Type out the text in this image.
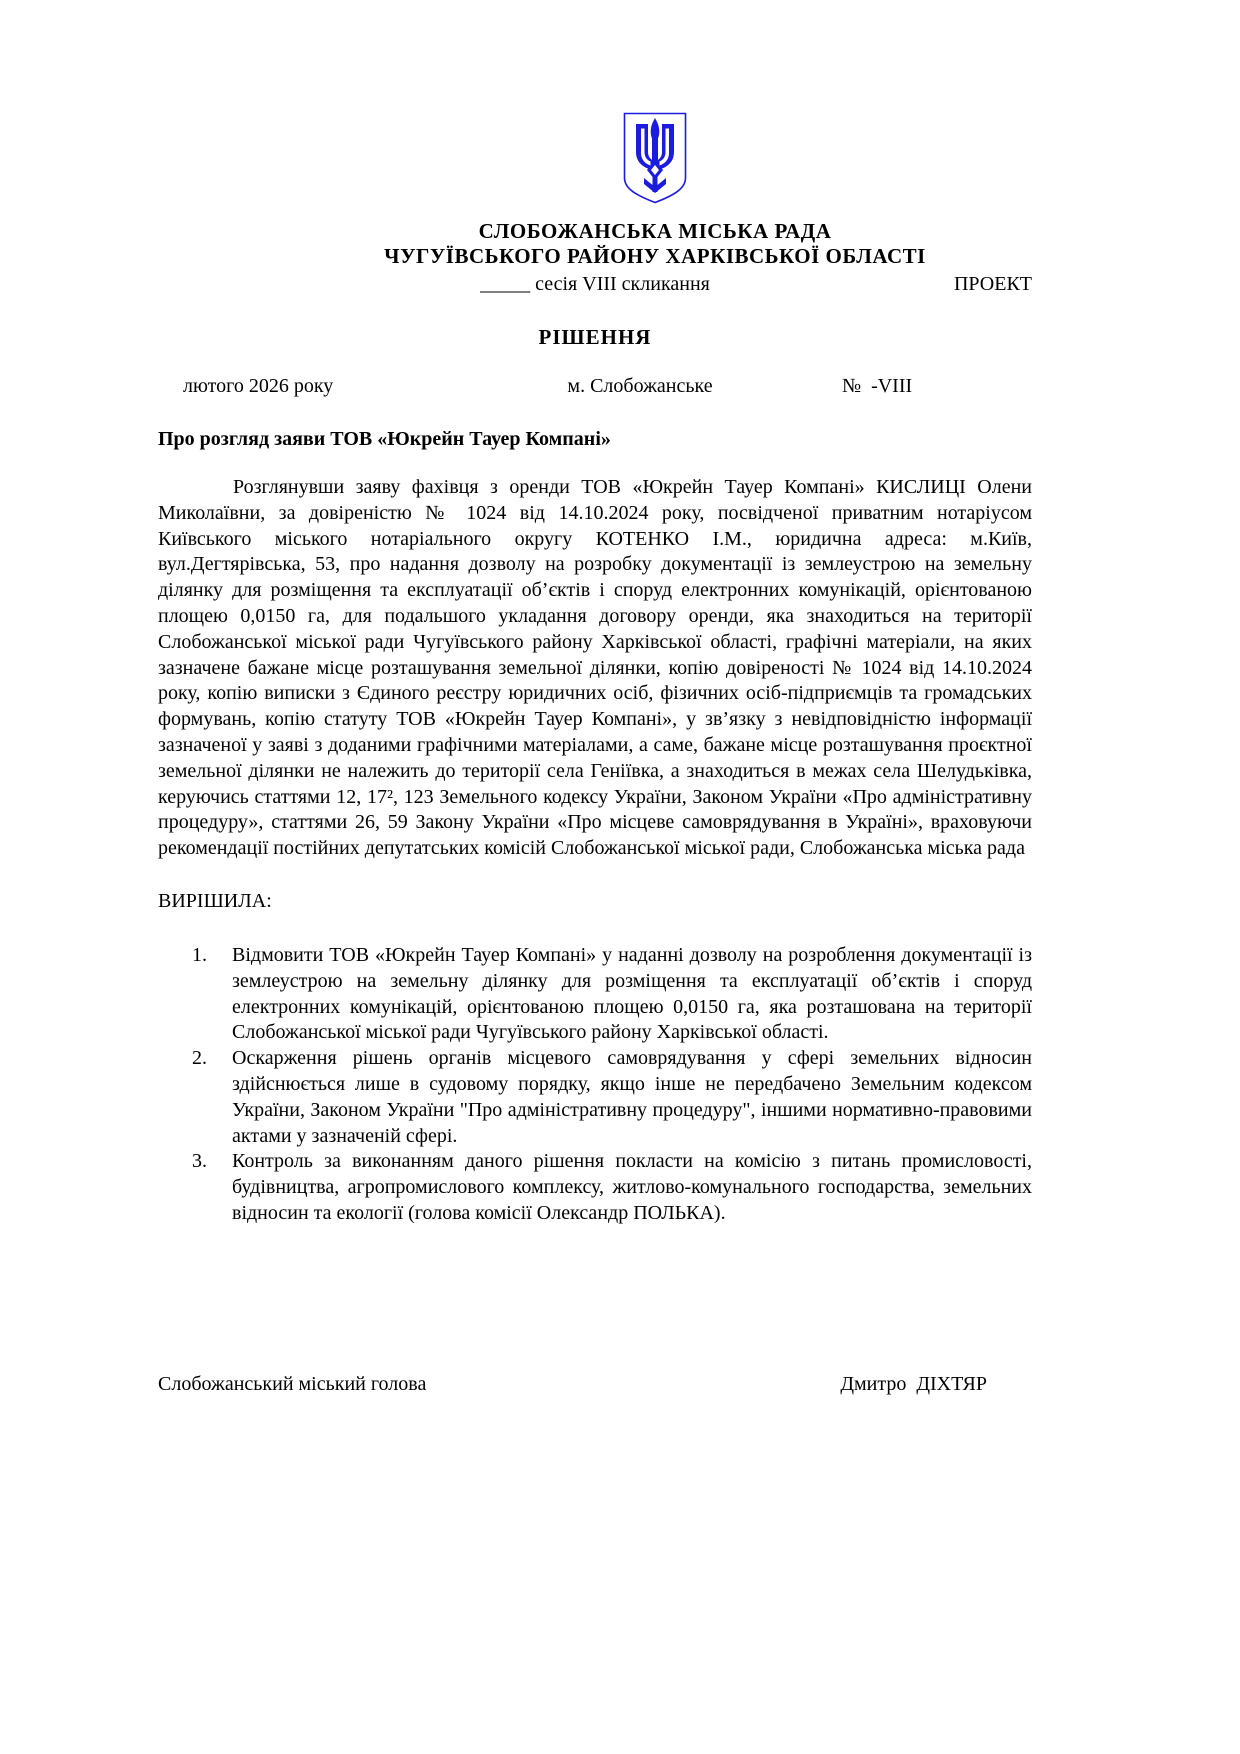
СЛОБОЖАНСЬКА МІСЬКА РАДА
ЧУГУЇВСЬКОГО РАЙОНУ ХАРКІВСЬКОЇ ОБЛАСТІ
_____ сесія VIII скликання	ПРОЕКТ
РІШЕННЯ
лютого 2026 року	м. Слобожанське	№  -VIII
Про розгляд заяви ТОВ «Юкрейн Тауер Компані»

Розглянувши заяву фахівця з оренди ТОВ «Юкрейн Тауер Компані» КИСЛИЦІ Олени Миколаївни, за довіреністю № 1024 від 14.10.2024 року, посвідченої приватним нотаріусом Київського міського нотаріального округу КОТЕНКО І.М., юридична адреса: м.Київ, вул.Дегтярівська, 53, про надання дозволу на розробку документації із землеустрою на земельну ділянку для розміщення та експлуатації об’єктів і споруд електронних комунікацій, орієнтованою площею 0,0150 га, для подальшого укладання договору оренди, яка знаходиться на території Слобожанської міської ради Чугуївського району Харківської області, графічні матеріали, на яких зазначене бажане місце розташування земельної ділянки, копію довіреності № 1024 від 14.10.2024 року, копію виписки з Єдиного реєстру юридичних осіб, фізичних осіб-підприємців та громадських формувань, копію статуту ТОВ «Юкрейн Тауер Компані», у зв’язку з невідповідністю інформації зазначеної у заяві з доданими графічними матеріалами, а саме, бажане місце розташування проєктної земельної ділянки не належить до території села Геніївка, а знаходиться в межах села Шелудьківка, керуючись статтями 12, 17², 123 Земельного кодексу України, Законом України «Про адміністративну процедуру», статтями 26, 59 Закону України «Про місцеве самоврядування в Україні», враховуючи рекомендації постійних депутатських комісій Слобожанської міської ради, Слобожанська міська рада

ВИРІШИЛА:
1.	Відмовити ТОВ «Юкрейн Тауер Компані» у наданні дозволу на розроблення документації із землеустрою на земельну ділянку для розміщення та експлуатації об’єктів і споруд електронних комунікацій, орієнтованою площею 0,0150 га, яка розташована на території Слобожанської міської ради Чугуївського району Харківської області.
2.	Оскарження рішень органів місцевого самоврядування у сфері земельних відносин здійснюється лише в судовому порядку, якщо інше не передбачено Земельним кодексом України, Законом України "Про адміністративну процедуру", іншими нормативно-правовими актами у зазначеній сфері.
3.	Контроль за виконанням даного рішення покласти на комісію з питань промисловості, будівництва, агропромислового комплексу, житлово-комунального господарства, земельних відносин та екології (голова комісії Олександр ПОЛЬКА).
Слобожанський міський голова	Дмитро  ДІХТЯР
